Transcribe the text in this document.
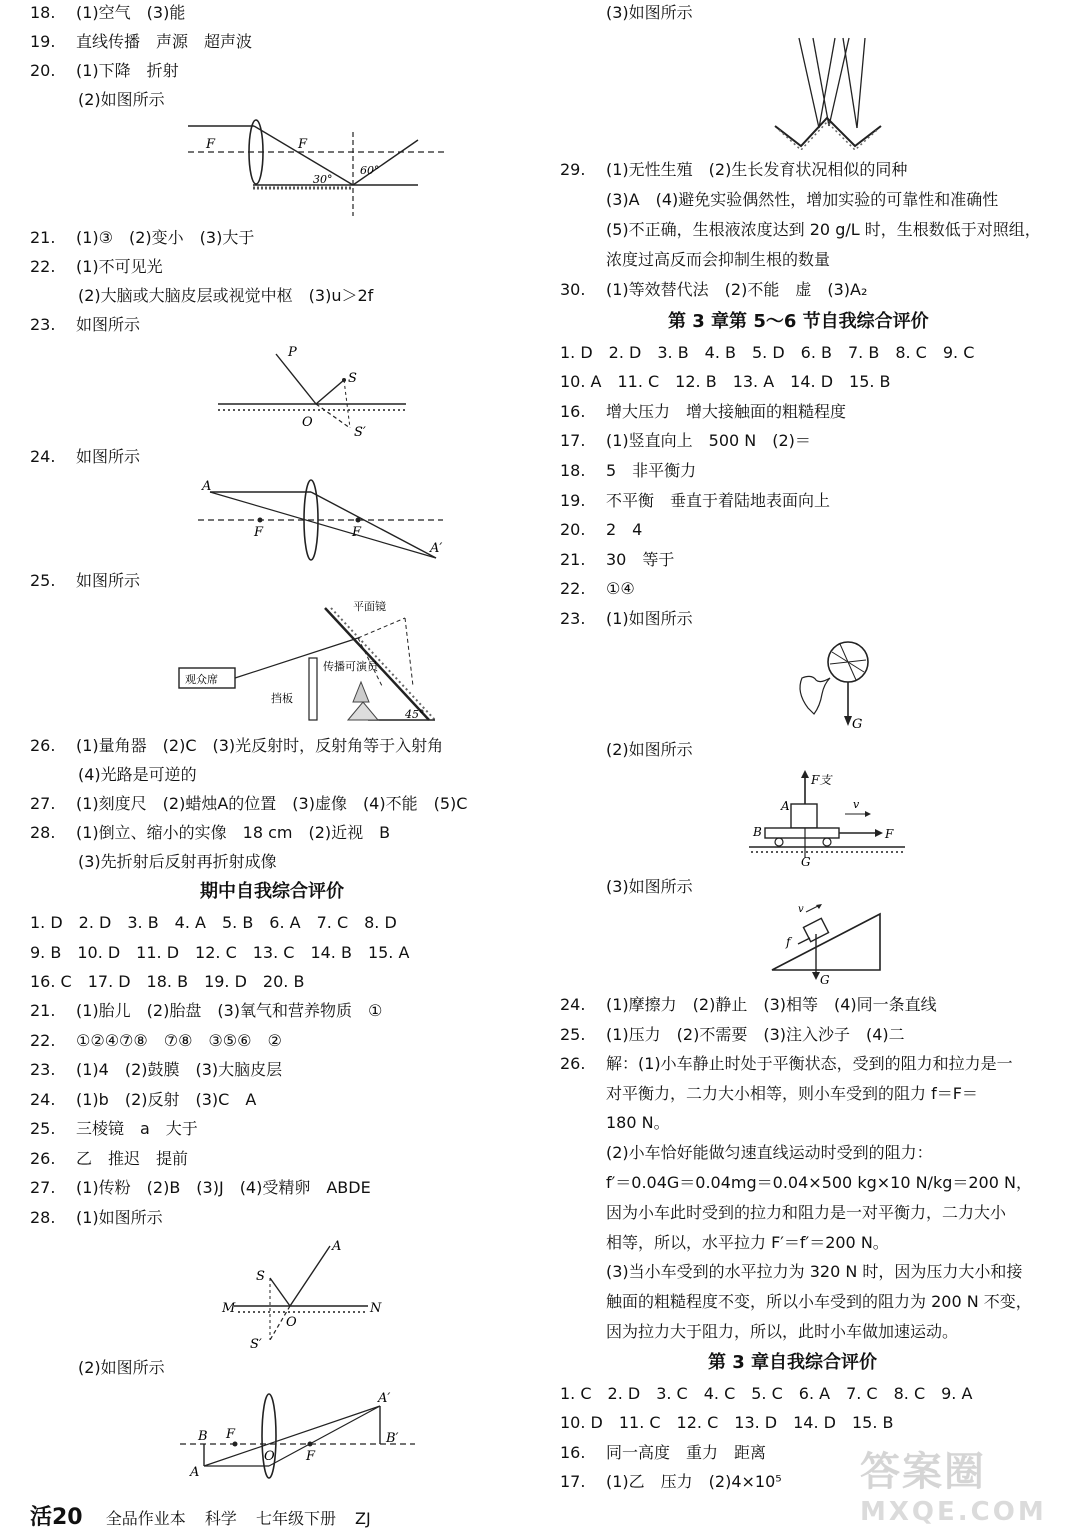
18. (1)空气　(3)能
19. 直线传播　声源　超声波
20. (1)下降　折射
(2)如图所示
F	F
30°
60°
21. (1)③　(2)变小　(3)大于
22. (1)不可见光
(2)大脑或大脑皮层或视觉中枢　(3)u＞2f
23. 如图所示
P
S
O
S′
24. 如图所示
A
F	F
A′
25. 如图所示
平面镜
观众席
挡板
传播可演员
45°
26. (1)量角器　(2)C　(3)光反射时，反射角等于入射角
(4)光路是可逆的
27. (1)刻度尺　(2)蜡烛A的位置　(3)虚像　(4)不能　(5)C
28. (1)倒立、缩小的实像　18 cm　(2)近视　B
(3)先折射后反射再折射成像
期中自我综合评价
1. D　2. D　3. B　4. A　5. B　6. A　7. C　8. D
9. B　10. D　11. D　12. C　13. C　14. B　15. A
16. C　17. D　18. B　19. D　20. B
21. (1)胎儿　(2)胎盘　(3)氧气和营养物质　①
22. ①②④⑦⑧　⑦⑧　③⑤⑥　②
23. (1)4　(2)鼓膜　(3)大脑皮层
24. (1)b　(2)反射　(3)C　A
25. 三棱镜　a　大于
26. 乙　推迟　提前
27. (1)传粉　(2)B　(3)J　(4)受精卵　ABDE
28. (1)如图所示
S
A
M	N
O
S′
(2)如图所示
B F
A′
B′
A
O F
(3)如图所示
29. (1)无性生殖　(2)生长发育状况相似的同种
(3)A　(4)避免实验偶然性，增加实验的可靠性和准确性
(5)不正确，生根液浓度达到 20 g/L 时，生根数低于对照组，
浓度过高反而会抑制生根的数量
30. (1)等效替代法　(2)不能　虚　(3)A₂
第 3 章第 5～6 节自我综合评价
1. D　2. D　3. B　4. B　5. D　6. B　7. B　8. C　9. C
10. A　11. C　12. B　13. A　14. D　15. B
16. 增大压力　增大接触面的粗糙程度
17. (1)竖直向上　500 N　(2)＝
18. 5　非平衡力
19. 不平衡　垂直于着陆地表面向上
20. 2　4
21. 30　等于
22. ①④
23. (1)如图所示
G
(2)如图所示
F支
A	v
B	F
G
(3)如图所示
v
f
G
24. (1)摩擦力　(2)静止　(3)相等　(4)同一条直线
25. (1)压力　(2)不需要　(3)注入沙子　(4)二
26. 解：(1)小车静止时处于平衡状态，受到的阻力和拉力是一
对平衡力，二力大小相等，则小车受到的阻力 f＝F＝
180 N。
(2)小车恰好能做匀速直线运动时受到的阻力：
f′＝0.04G＝0.04mg＝0.04×500 kg×10 N/kg＝200 N，
因为小车此时受到的拉力和阻力是一对平衡力，二力大小
相等，所以，水平拉力 F′＝f′＝200 N。
(3)当小车受到的水平拉力为 320 N 时，因为压力大小和接
触面的粗糙程度不变，所以小车受到的阻力为 200 N 不变，
因为拉力大于阻力，所以，此时小车做加速运动。
第 3 章自我综合评价
1. C　2. D　3. C　4. C　5. C　6. A　7. C　8. C　9. A
10. D　11. C　12. C　13. D　14. D　15. B
16. 同一高度　重力　距离
17. (1)乙　压力　(2)4×10⁵
活20 全品作业本 科学 七年级下册 ZJ
答案圈
MXQE.COM
